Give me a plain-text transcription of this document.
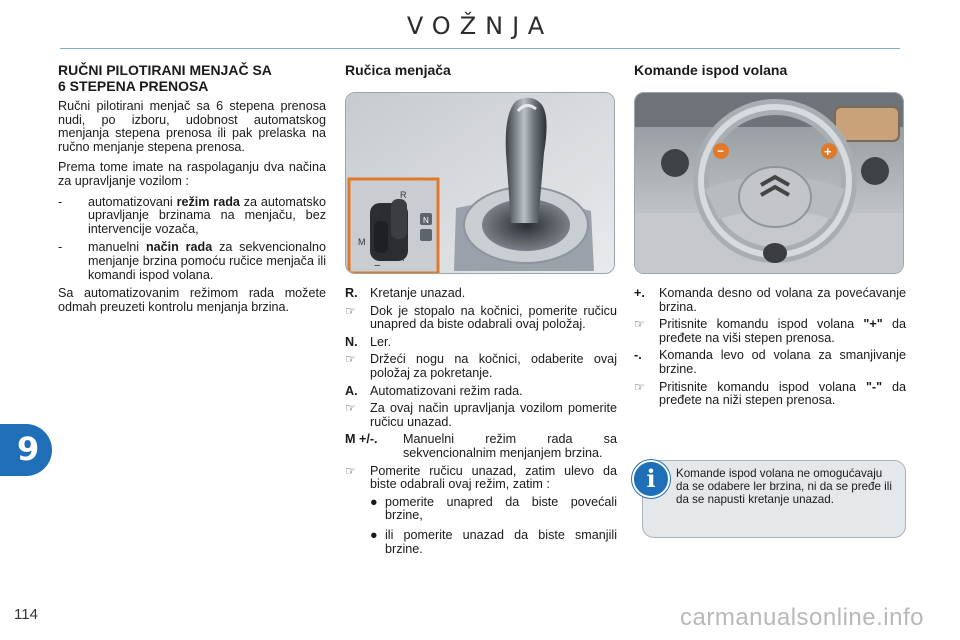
VOŽNJA
RUČNI PILOTIRANI MENJAČ SA
6 STEPENA PRENOSA

Ručni pilotirani menjač sa 6 stepena prenosa nudi, po izboru, udobnost automatskog menjanja stepena prenosa ili pak prelaska na ručno menjanje stepena prenosa.

Prema tome imate na raspolaganju dva načina za upravljanje vozilom :

-	automatizovani režim rada za automatsko upravljanje brzinama na menjaču, bez intervencije vozača,
-	manuelni način rada za sekvencionalno menjanje brzina pomoću ručice menjača ili komandi ispod volana.

Sa automatizovanim režimom rada možete odmah preuzeti kontrolu menjanja brzina.

Ručica menjača
R
N
A
M
+
−
R. Kretanje unazad.
☞	Dok je stopalo na kočnici, pomerite ručicu unapred da biste odabrali ovaj položaj.
N. Ler.
☞	Držeći nogu na kočnici, odaberite ovaj položaj za pokretanje.
A. Automatizovani režim rada.
☞	Za ovaj način upravljanja vozilom pomerite ručicu unazad.
M +/-.	Manuelni režim rada sa sekvencionalnim menjanjem brzina.
☞	Pomerite ručicu unazad, zatim ulevo da biste odabrali ovaj režim, zatim :
● pomerite unapred da biste povećali brzine,
● ili pomerite unazad da biste smanjili brzine.
Komande ispod volana
−	+
+.	Komanda desno od volana za povećavanje brzina.
☞	Pritisnite komandu ispod volana "+" da pređete na viši stepen prenosa.
-.	Komanda levo od volana za smanjivanje brzine.
☞	Pritisnite komandu ispod volana "-" da pređete na niži stepen prenosa.
i	Komande ispod volana ne omogućavaju da se odabere ler brzina, ni da se pređe ili da se napusti kretanje unazad.
9
114	carmanualsonline.info
